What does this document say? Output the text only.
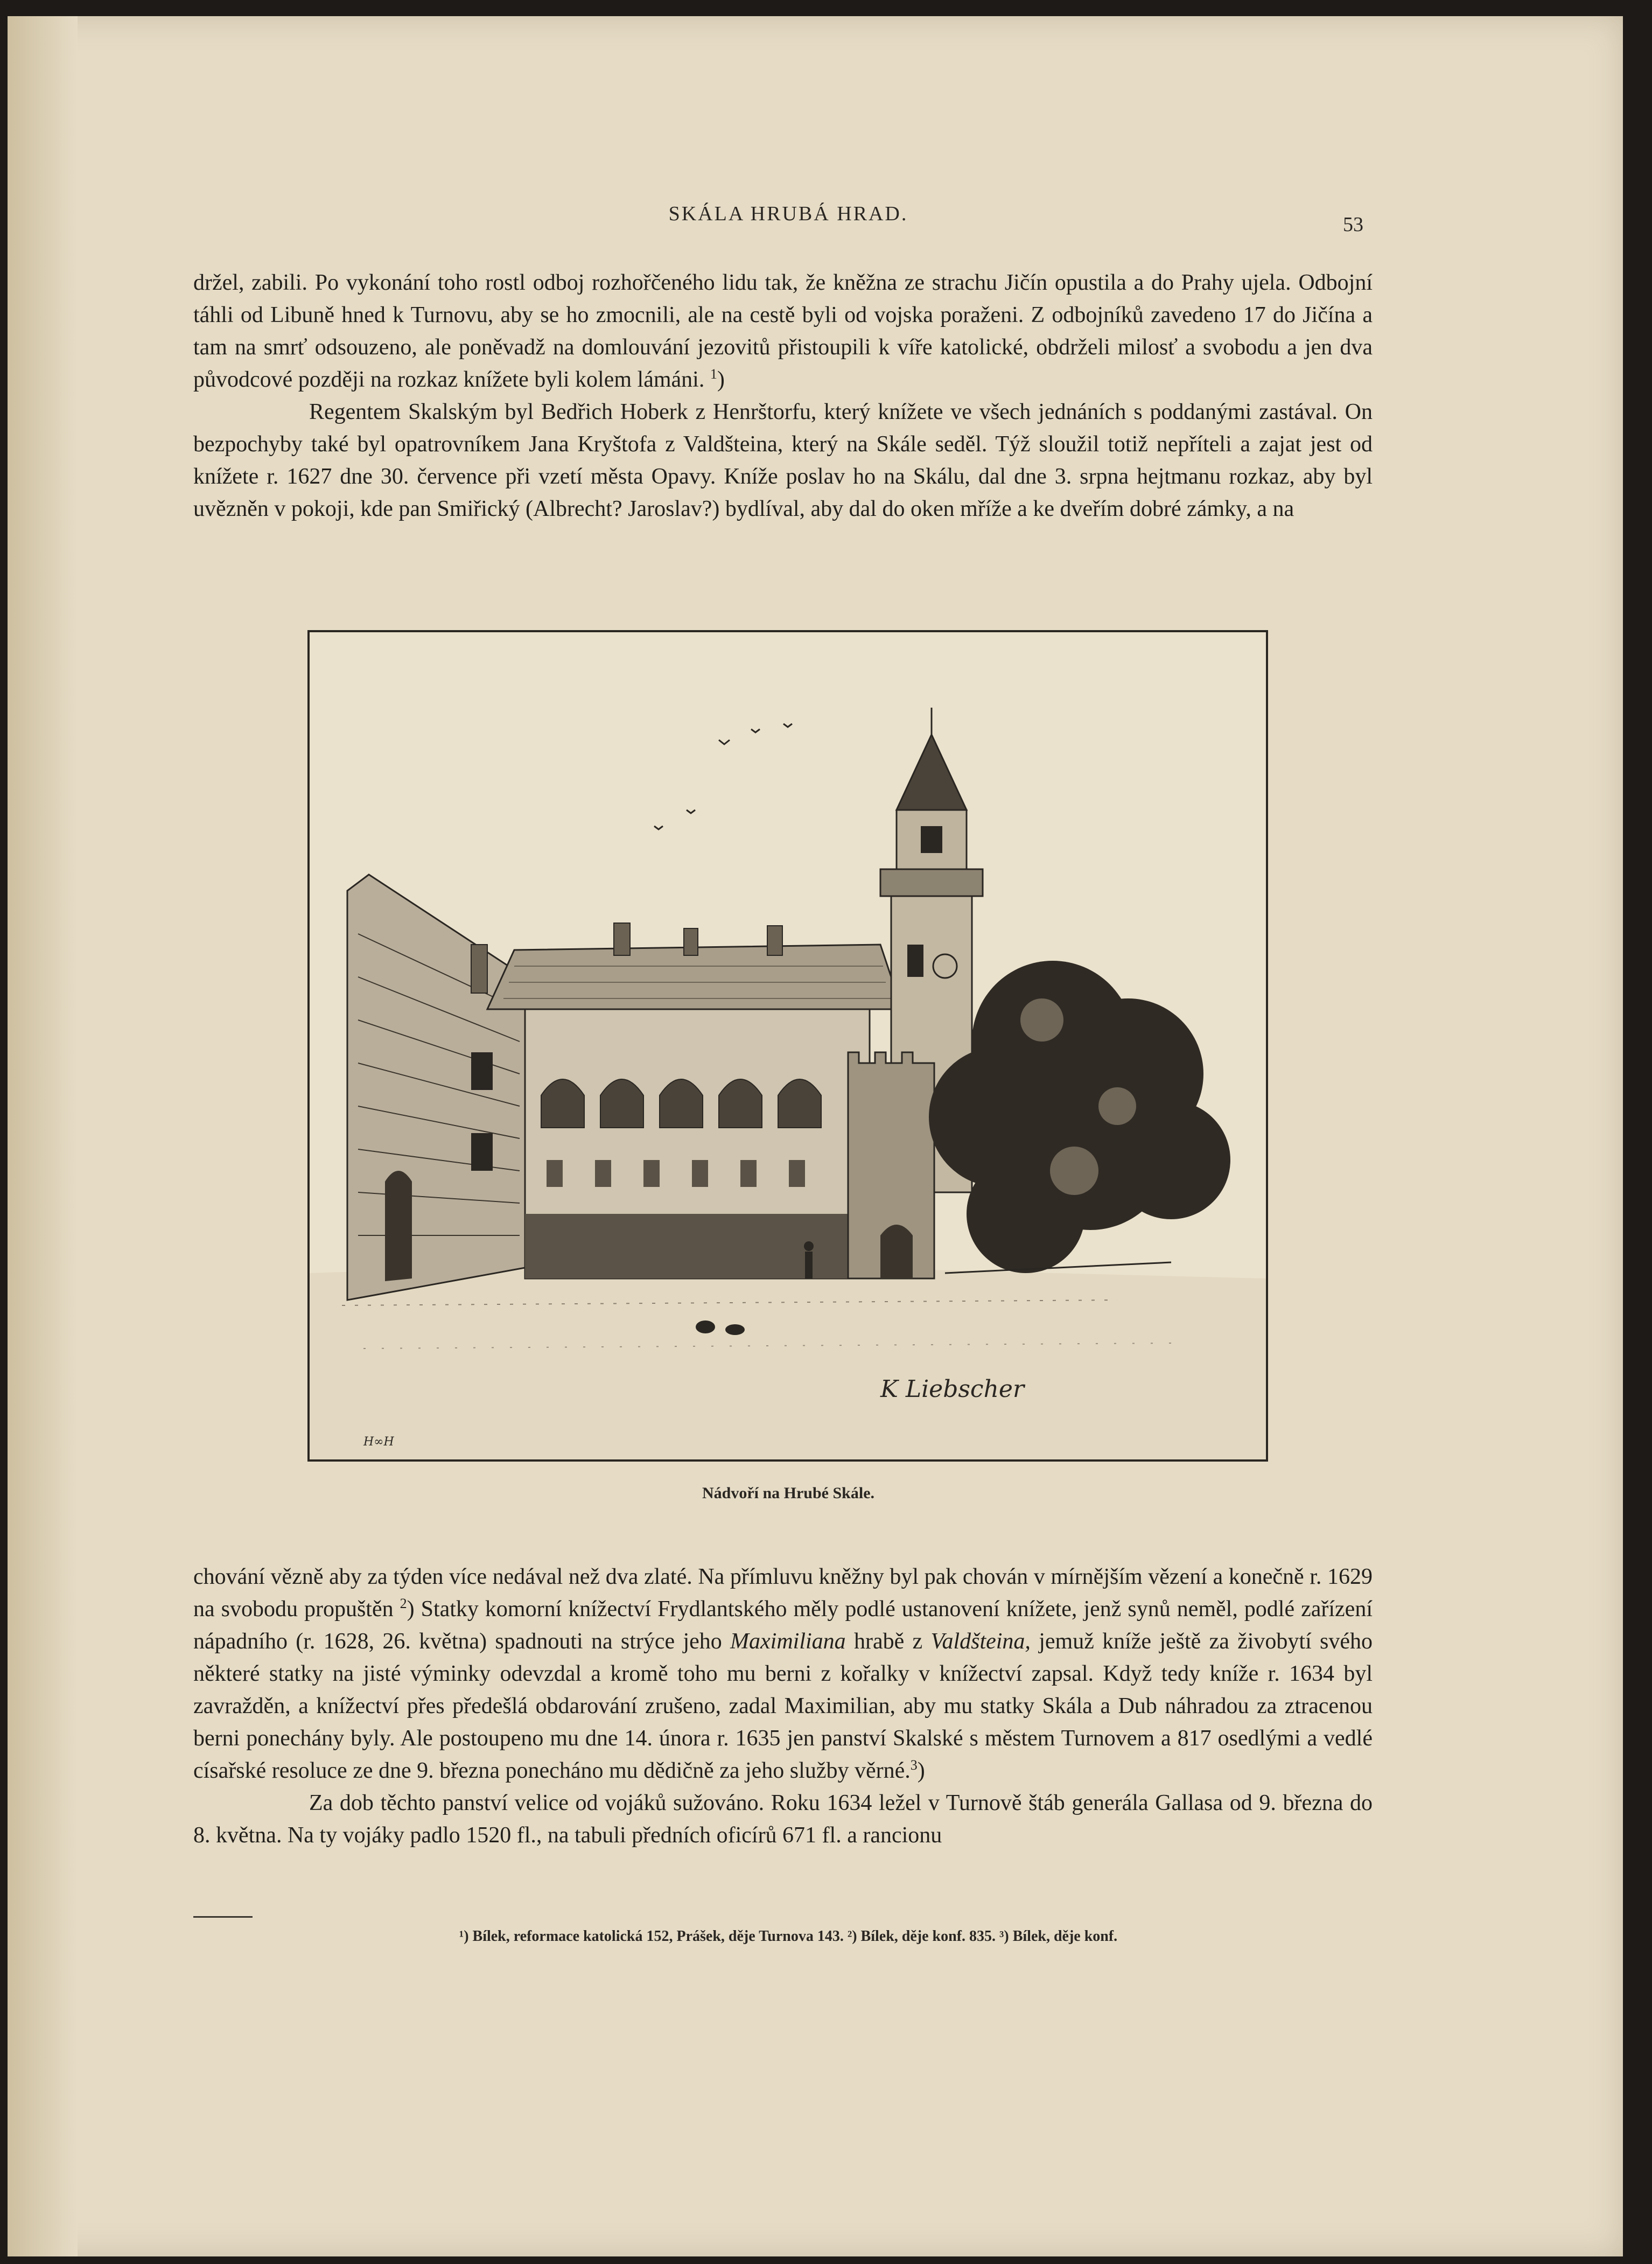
SKÁLA HRUBÁ HRAD.	53

držel, zabili. Po vykonání toho rostl odboj rozhořčeného lidu tak, že kněžna ze strachu Jičín opustila a do Prahy ujela. Odbojní táhli od Libuně hned k Turnovu, aby se ho zmocnili, ale na cestě byli od vojska poraženi. Z odbojníků zavedeno 17 do Jičína a tam na smrť odsouzeno, ale poněvadž na domlouvání jezovitů přistoupili k víře katolické, obdrželi milosť a svobodu a jen dva původcové později na rozkaz knížete byli kolem lámáni. $^1$)

Regentem Skalským byl Bedřich Hoberk z Henrštorfu, který knížete ve všech jednáních s poddanými zastával. On bezpochyby také byl opatrovníkem Jana Kryštofa z Valdšteina, který na Skále seděl. Týž sloužil totiž nepříteli a zajat jest od knížete r. 1627 dne 30. července při vzetí města Opavy. Kníže poslav ho na Skálu, dal dne 3. srpna hejtmanu rozkaz, aby byl uvězněn v pokoji, kde pan Smiřický (Albrecht? Jaroslav?) bydlíval, aby dal do oken mříže a ke dveřím dobré zámky, a na

K Liebscher
H∞H
Nádvoří na Hrubé Skále.

chování vězně aby za týden více nedával než dva zlaté. Na přímluvu kněžny byl pak chován v mírnějším vězení a konečně r. 1629 na svobodu propuštěn $^2$) Statky komorní knížectví Frydlantského měly podlé ustanovení knížete, jenž synů neměl, podlé zařízení nápadního (r. 1628, 26. května) spadnouti na strýce jeho Maximiliana hrabě z Valdšteina, jemuž kníže ještě za živobytí svého některé statky na jisté výminky odevzdal a kromě toho mu berni z kořalky v knížectví zapsal. Když tedy kníže r. 1634 byl zavražděn, a knížectví přes předešlá obdarování zrušeno, zadal Maximilian, aby mu statky Skála a Dub náhradou za ztracenou berni ponechány byly. Ale postoupeno mu dne 14. února r. 1635 jen panství Skalské s městem Turnovem a 817 osedlými a vedlé císařské resoluce ze dne 9. března ponecháno mu dědičně za jeho služby věrné.$^3$)

Za dob těchto panství velice od vojáků sužováno. Roku 1634 ležel v Turnově štáb generála Gallasa od 9. března do 8. května. Na ty vojáky padlo 1520 fl., na tabuli předních oficírů 671 fl. a rancionu

¹) Bílek, reformace katolická 152, Prášek, děje Turnova 143. ²) Bílek, děje konf. 835. ³) Bílek, děje konf.
